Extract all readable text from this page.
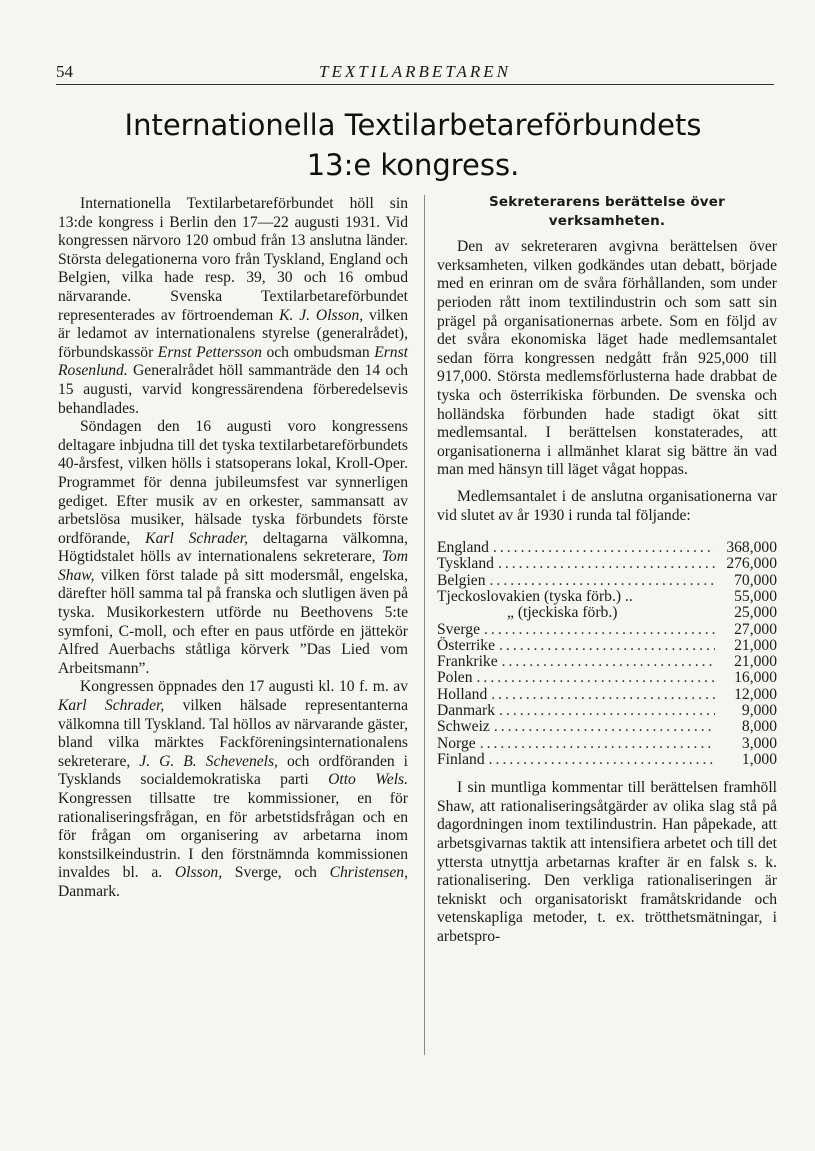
54	TEXTILARBETAREN
Internationella Textilarbetareförbundets
13:e kongress.

Internationella Textilarbetareförbundet höll sin 13:de kongress i Berlin den 17—22 augusti 1931. Vid kongressen närvoro 120 ombud från 13 anslutna länder. Största delegationerna voro från Tyskland, England och Belgien, vilka hade resp. 39, 30 och 16 ombud närvarande. Svenska Textilarbetareförbundet representerades av förtroendeman K. J. Olsson, vilken är ledamot av internationalens styrelse (generalrådet), förbundskassör Ernst Pettersson och ombudsman Ernst Rosenlund. Generalrådet höll sammanträde den 14 och 15 augusti, varvid kongressärendena förberedelsevis behandlades.

Söndagen den 16 augusti voro kongressens deltagare inbjudna till det tyska textilarbetareförbundets 40-årsfest, vilken hölls i statsoperans lokal, Kroll-Oper. Programmet för denna jubileumsfest var synnerligen gediget. Efter musik av en orkester, sammansatt av arbetslösa musiker, hälsade tyska förbundets förste ordförande, Karl Schrader, deltagarna välkomna, Högtidstalet hölls av internationalens sekreterare, Tom Shaw, vilken först talade på sitt modersmål, engelska, därefter höll samma tal på franska och slutligen även på tyska. Musikorkestern utförde nu Beethovens 5:te symfoni, C-moll, och efter en paus utförde en jättekör Alfred Auerbachs ståtliga körverk ”Das Lied vom Arbeitsmann”.

Kongressen öppnades den 17 augusti kl. 10 f. m. av Karl Schrader, vilken hälsade representanterna välkomna till Tyskland. Tal höllos av närvarande gäster, bland vilka märktes Fackföreningsinternationalens sekreterare, J. G. B. Schevenels, och ordföranden i Tysklands socialdemokratiska parti Otto Wels. Kongressen tillsatte tre kommissioner, en för rationaliseringsfrågan, en för arbetstidsfrågan och en för frågan om organisering av arbetarna inom konstsilkeindustrin. I den förstnämnda kommissionen invaldes bl. a. Olsson, Sverge, och Christensen, Danmark.

Sekreterarens berättelse över verksamheten.

Den av sekreteraren avgivna berättelsen över verksamheten, vilken godkändes utan debatt, började med en erinran om de svåra förhållanden, som under perioden rått inom textilindustrin och som satt sin prägel på organisationernas arbete. Som en följd av det svåra ekonomiska läget hade medlemsantalet sedan förra kongressen nedgått från 925,000 till 917,000. Största medlemsförlusterna hade drabbat de tyska och österrikiska förbunden. De svenska och holländska förbunden hade stadigt ökat sitt medlemsantal. I berättelsen konstaterades, att organisationerna i allmänhet klarat sig bättre än vad man med hänsyn till läget vågat hoppas.

Medlemsantalet i de anslutna organisationerna var vid slutet av år 1930 i runda tal följande:

England .....	368,000
Tyskland .....	276,000
Belgien .....	70,000
Tjeckoslovakien (tyska förb.) ..	55,000
„ (tjeckiska förb.)	25,000
Sverge .....	27,000
Österrike .....	21,000
Frankrike .....	21,000
Polen .....	16,000
Holland .....	12,000
Danmark .....	9,000
Schweiz .....	8,000
Norge .....	3,000
Finland .....	1,000

I sin muntliga kommentar till berättelsen framhöll Shaw, att rationaliseringsåtgärder av olika slag stå på dagordningen inom textilindustrin. Han påpekade, att arbetsgivarnas taktik att intensifiera arbetet och till det yttersta utnyttja arbetarnas krafter är en falsk s. k. rationalisering. Den verkliga rationaliseringen är tekniskt och organisatoriskt framåtskridande och vetenskapliga metoder, t. ex. trötthetsmätningar, i arbetspro-
